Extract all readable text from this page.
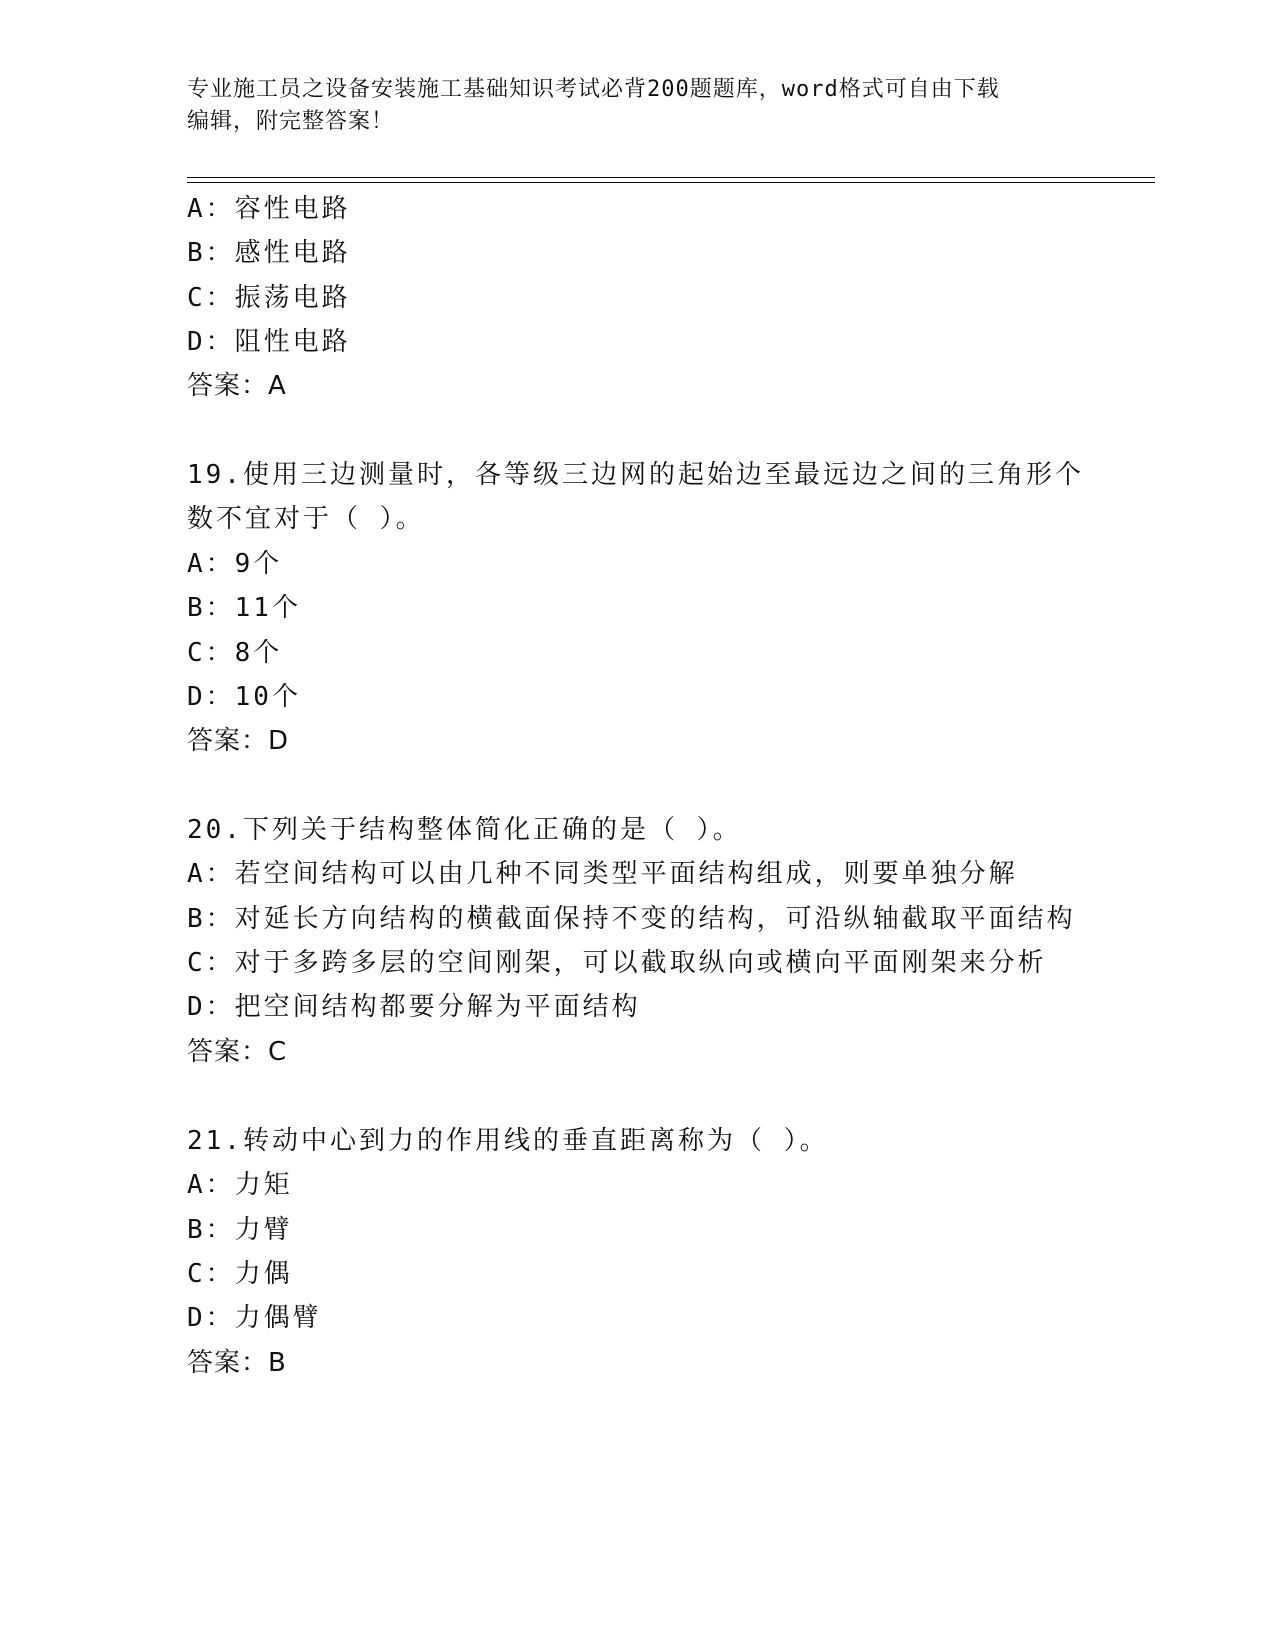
专业施工员之设备安装施工基础知识考试必背200题题库，word格式可自由下载
编辑，附完整答案！
A：容性电路
B：感性电路
C：振荡电路
D：阻性电路
答案：A
19.使用三边测量时，各等级三边网的起始边至最远边之间的三角形个
数不宜对于（ ）。
A：9个
B：11个
C：8个
D：10个
答案：D
20.下列关于结构整体简化正确的是（ ）。
A：若空间结构可以由几种不同类型平面结构组成，则要单独分解
B：对延长方向结构的横截面保持不变的结构，可沿纵轴截取平面结构
C：对于多跨多层的空间刚架，可以截取纵向或横向平面刚架来分析
D：把空间结构都要分解为平面结构
答案：C
21.转动中心到力的作用线的垂直距离称为（ ）。
A：力矩
B：力臂
C：力偶
D：力偶臂
答案：B
